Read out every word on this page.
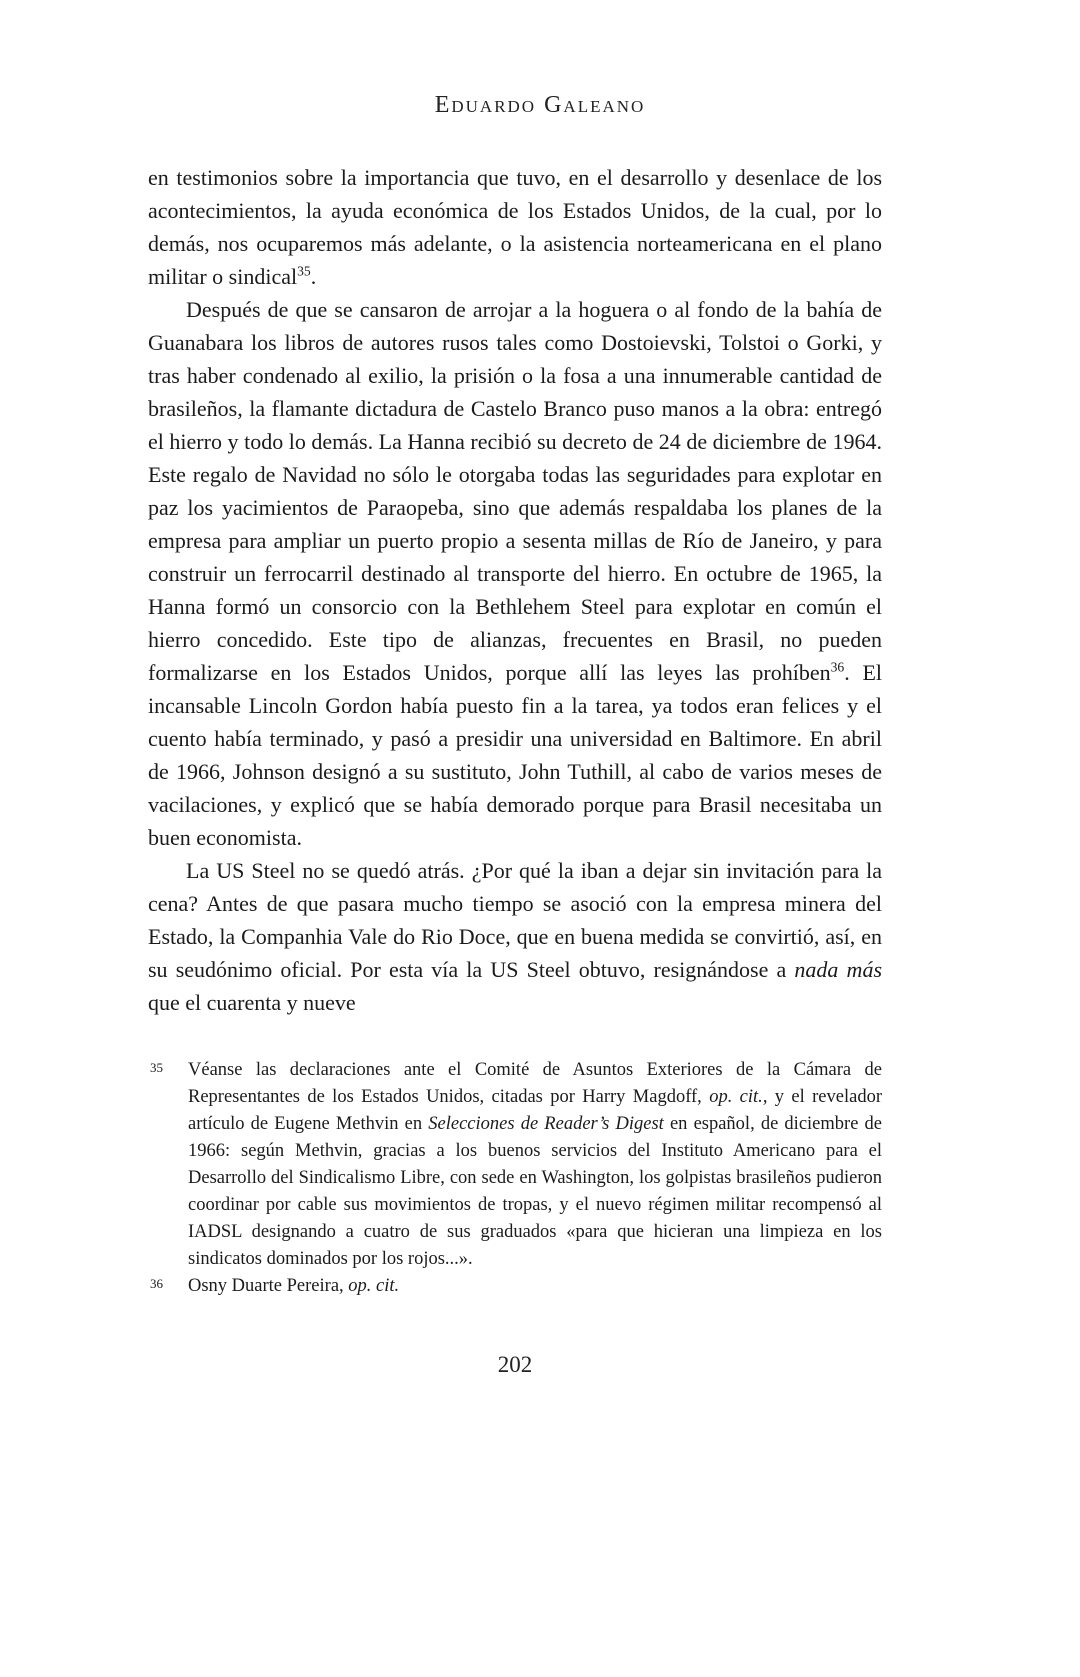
Eduardo Galeano

en testimonios sobre la importancia que tuvo, en el desarrollo y desenlace de los acontecimientos, la ayuda económica de los Estados Unidos, de la cual, por lo demás, nos ocuparemos más adelante, o la asistencia norteamericana en el plano militar o sindical$^{35}$.

Después de que se cansaron de arrojar a la hoguera o al fondo de la bahía de Guanabara los libros de autores rusos tales como Dostoievski, Tolstoi o Gorki, y tras haber condenado al exilio, la prisión o la fosa a una innumerable cantidad de brasileños, la flamante dictadura de Castelo Branco puso manos a la obra: entregó el hierro y todo lo demás. La Hanna recibió su decreto de 24 de diciembre de 1964. Este regalo de Navidad no sólo le otorgaba todas las seguridades para explotar en paz los yacimientos de Paraopeba, sino que además respaldaba los planes de la empresa para ampliar un puerto propio a sesenta millas de Río de Janeiro, y para construir un ferrocarril destinado al transporte del hierro. En octubre de 1965, la Hanna formó un consorcio con la Bethlehem Steel para explotar en común el hierro concedido. Este tipo de alianzas, frecuentes en Brasil, no pueden formalizarse en los Estados Unidos, porque allí las leyes las prohíben$^{36}$. El incansable Lincoln Gordon había puesto fin a la tarea, ya todos eran felices y el cuento había terminado, y pasó a presidir una universidad en Baltimore. En abril de 1966, Johnson designó a su sustituto, John Tuthill, al cabo de varios meses de vacilaciones, y explicó que se había demorado porque para Brasil necesitaba un buen economista.

La US Steel no se quedó atrás. ¿Por qué la iban a dejar sin invitación para la cena? Antes de que pasara mucho tiempo se asoció con la empresa minera del Estado, la Companhia Vale do Rio Doce, que en buena medida se convirtió, así, en su seudónimo oficial. Por esta vía la US Steel obtuvo, resignándose a nada más que el cuarenta y nueve

35 Véanse las declaraciones ante el Comité de Asuntos Exteriores de la Cámara de Representantes de los Estados Unidos, citadas por Harry Magdoff, op. cit., y el revelador artículo de Eugene Methvin en Selecciones de Reader’s Digest en español, de diciembre de 1966: según Methvin, gracias a los buenos servicios del Instituto Americano para el Desarrollo del Sindicalismo Libre, con sede en Washington, los golpistas brasileños pudieron coordinar por cable sus movimientos de tropas, y el nuevo régimen militar recompensó al IADSL designando a cuatro de sus graduados «para que hicieran una limpieza en los sindicatos dominados por los rojos...».
36 Osny Duarte Pereira, op. cit.
202
